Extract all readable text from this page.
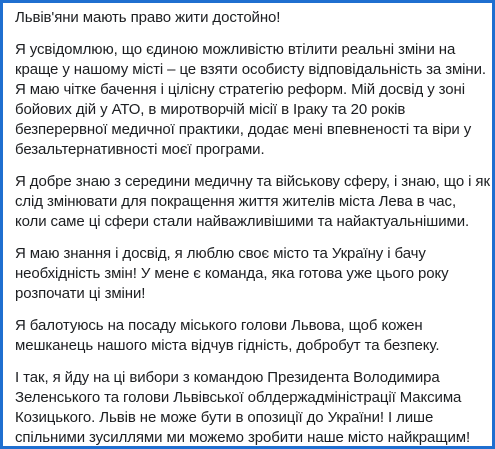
Львів'яни мають право жити достойно!

Я усвідомлюю, що єдиною можливістю втілити реальні зміни на краще у нашому місті – це взяти особисту відповідальність за зміни. Я маю чітке бачення і цілісну стратегію реформ. Мій досвід у зоні бойових дій у АТО, в миротворчій місії в Іраку та 20 років безперервної медичної практики, додає мені впевненості та віри у безальтернативності моєї програми.

Я добре знаю з середини медичну та військову сферу, і знаю, що і як слід змінювати для покращення життя жителів міста Лева в час, коли саме ці сфери стали найважливішими та найактуальнішими.

Я маю знання і досвід, я люблю своє місто та Україну і бачу необхідність змін! У мене є команда, яка готова уже цього року розпочати ці зміни!

Я балотуюсь на посаду міського голови Львова, щоб кожен мешканець нашого міста відчув гідність, добробут та безпеку.

І так, я йду на ці вибори з командою Президента Володимира Зеленського та голови Львівської облдержадміністрації Максима Козицького. Львів не може бути в опозиції до України! І лише спільними зусиллями ми можемо зробити наше місто найкращим!
